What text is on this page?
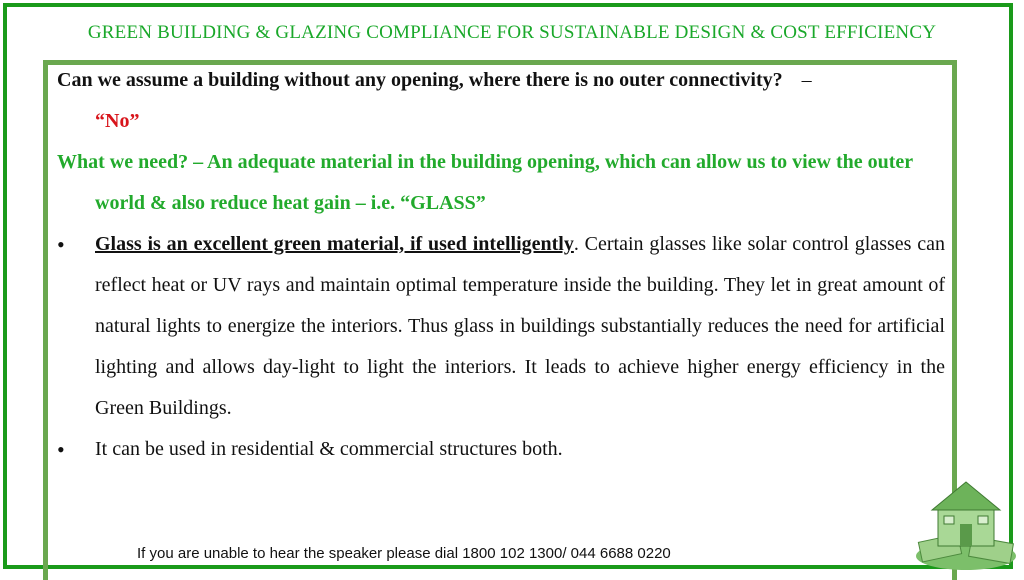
GREEN BUILDING & GLAZING COMPLIANCE FOR SUSTAINABLE DESIGN & COST EFFICIENCY

Can we assume a building without any opening, where there is no outer connectivity? –
“No”

What we need? – An adequate material in the building opening, which can allow us to view the outer world & also reduce heat gain – i.e. “GLASS”

• Glass is an excellent green material, if used intelligently. Certain glasses like solar control glasses can reflect heat or UV rays and maintain optimal temperature inside the building. They let in great amount of natural lights to energize the interiors. Thus glass in buildings substantially reduces the need for artificial lighting and allows day-light to light the interiors. It leads to achieve higher energy efficiency in the Green Buildings.

• It can be used in residential & commercial structures both.

If you are unable to hear the speaker please dial 1800 102 1300/ 044 6688 0220
